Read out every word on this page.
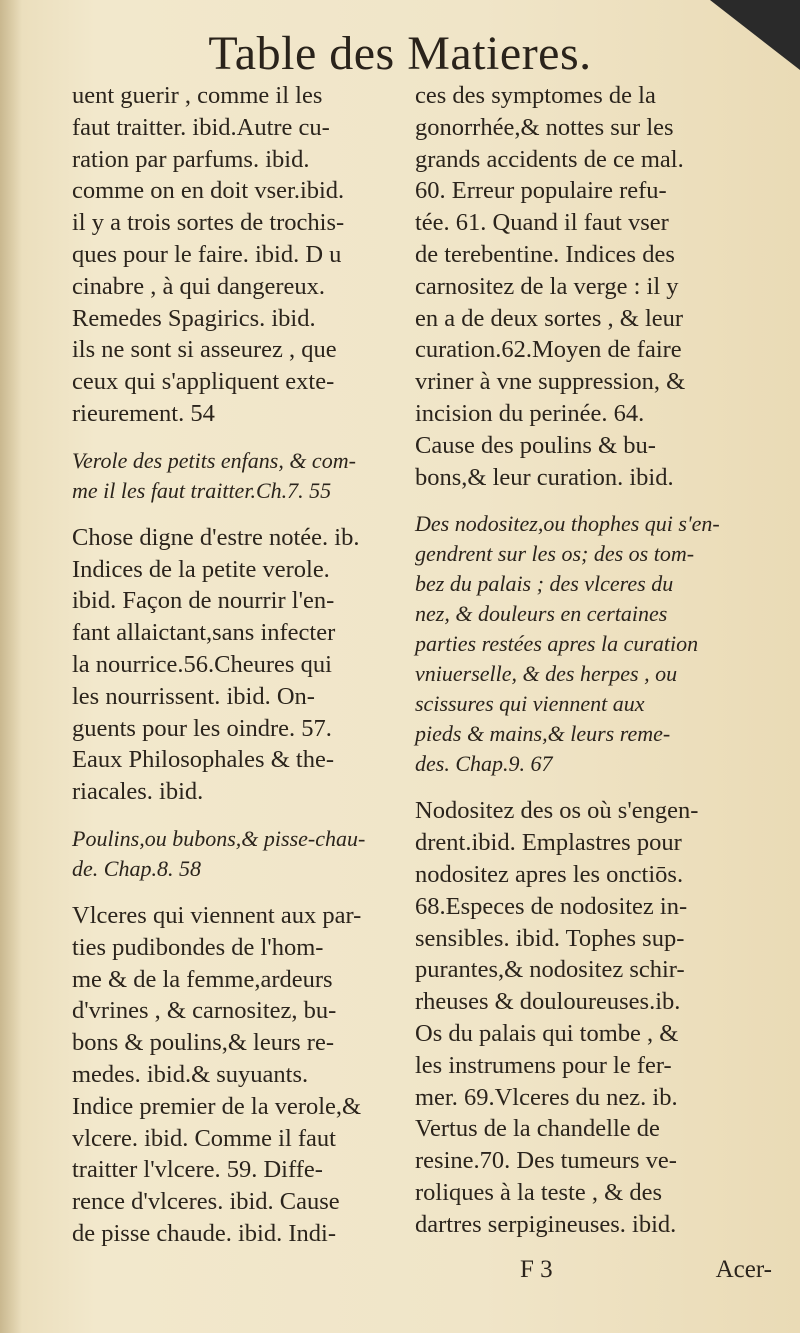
Table des Matieres.
uent guerir , comme il les
faut traitter. ibid.Autre cu-
ration par parfums. ibid.
comme on en doit vser.ibid.
il y a trois sortes de trochis-
ques pour le faire. ibid. D u
cinabre , à qui dangereux.
Remedes Spagirics. ibid.
ils ne sont si asseurez , que
ceux qui s'appliquent exte-
rieurement. 54
Verole des petits enfans, & com-
me il les faut traitter.Ch.7. 55
Chose digne d'estre notée. ib.
Indices de la petite verole.
ibid. Façon de nourrir l'en-
fant allaictant,sans infecter
la nourrice.56.Cheures qui
les nourrissent. ibid. On-
guents pour les oindre. 57.
Eaux Philosophales & the-
riacales. ibid.
Poulins,ou bubons,& pisse-chau-
de. Chap.8. 58
Vlceres qui viennent aux par-
ties pudibondes de l'hom-
me & de la femme,ardeurs
d'vrines , & carnositez, bu-
bons & poulins,& leurs re-
medes. ibid.& suyuants.
Indice premier de la verole,&
vlcere. ibid. Comme il faut
traitter l'vlcere. 59. Diffe-
rence d'vlceres. ibid. Cause
de pisse chaude. ibid. Indi-
ces des symptomes de la
gonorrhée,& nottes sur les
grands accidents de ce mal.
60. Erreur populaire refu-
tée. 61. Quand il faut vser
de terebentine. Indices des
carnositez de la verge : il y
en a de deux sortes , & leur
curation.62.Moyen de faire
vriner à vne suppression, &
incision du perinée. 64.
Cause des poulins & bu-
bons,& leur curation. ibid.
Des nodositez,ou thophes qui s'en-
gendrent sur les os; des os tom-
bez du palais ; des vlceres du
nez, & douleurs en certaines
parties restées apres la curation
vniuerselle, & des herpes , ou
scissures qui viennent aux
pieds & mains,& leurs reme-
des. Chap.9. 67
Nodositez des os où s'engen-
drent.ibid. Emplastres pour
nodositez apres les onctiōs.
68.Especes de nodositez in-
sensibles. ibid. Tophes sup-
purantes,& nodositez schir-
rheuses & douloureuses.ib.
Os du palais qui tombe , &
les instrumens pour le fer-
mer. 69.Vlceres du nez. ib.
Vertus de la chandelle de
resine.70. Des tumeurs ve-
roliques à la teste , & des
dartres serpigineuses. ibid.
F 3	Acer-
